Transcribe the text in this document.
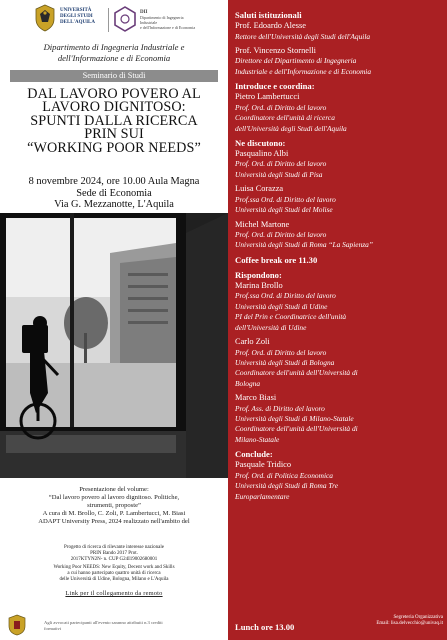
UNIVERSITÀ
DEGLI STUDI
DELL'AQUILA
DII
Dipartimento di Ingegneria Industriale
e dell'Informazione e di Economia
Dipartimento di Ingegneria Industriale e
dell'Informazione e di Economia
Seminario di Studi
DAL LAVORO POVERO AL
LAVORO DIGNITOSO:
SPUNTI DALLA RICERCA
PRIN SUI
“WORKING POOR NEEDS”
8 novembre 2024, ore 10.00 Aula Magna
Sede di Economia
Via G. Mezzanotte, L'Aquila
Presentazione del volume:
“Dal lavoro povero al lavoro dignitoso. Politiche,
strumenti, proposte”
A cura di M. Brollo, C. Zoli, P. Lambertucci, M. Biasi
ADAPT University Press, 2024 realizzato nell'ambito del
Progetto di ricerca di rilevante interesse nazionale
PRIN Bando 2017 Prot.
2017KTYN2N- n. CUP G24I19002680001
Working Poor NEEDS: New Equity, Decent work and Skills
a cui hanno partecipato quattro unità di ricerca
delle Università di Udine, Bologna, Milano e L'Aquila
Link per il collegamento da remoto
Agli avvocati partecipanti all'evento saranno attribuiti n.3 crediti formativi
Saluti istituzionali
Prof. Edoardo Alesse
Rettore dell'Università degli Studi dell'Aquila
Prof. Vincenzo Stornelli
Direttore del Dipartimento di Ingegneria
Industriale e dell'Informazione e di Economia
Introduce e coordina:
Pietro Lambertucci
Prof. Ord. di Diritto del lavoro
Coordinatore dell'unità di ricerca
dell'Università degli Studi dell'Aquila
Ne discutono:
Pasqualino Albi
Prof. Ord. di Diritto del lavoro
Università degli Studi di Pisa
Luisa Corazza
Prof.ssa Ord. di Diritto del lavoro
Università degli Studi del Molise
Michel Martone
Prof. Ord. di Diritto del lavoro
Università degli Studi di Roma “La Sapienza”
Coffee break ore 11.30
Rispondono:
Marina Brollo
Prof.ssa Ord. di Diritto del lavoro
Università degli Studi di Udine
PI del Prin e Coordinatrice dell'unità
dell'Università di Udine
Carlo Zoli
Prof. Ord. di Diritto del lavoro
Università degli Studi di Bologna
Coordinatore dell'unità dell'Università di
Bologna
Marco Biasi
Prof. Ass. di Diritto del lavoro
Università degli Studi di Milano-Statale
Coordinatore dell'unità dell'Università di
Milano-Statale
Conclude:
Pasquale Tridico
Prof. Ord. di Politica Economica
Università degli Studi di Roma Tre
Europarlamentare
Lunch ore 13.00
Segreteria Organizzativa
Email: lisa.delvecchio@univaq.it
